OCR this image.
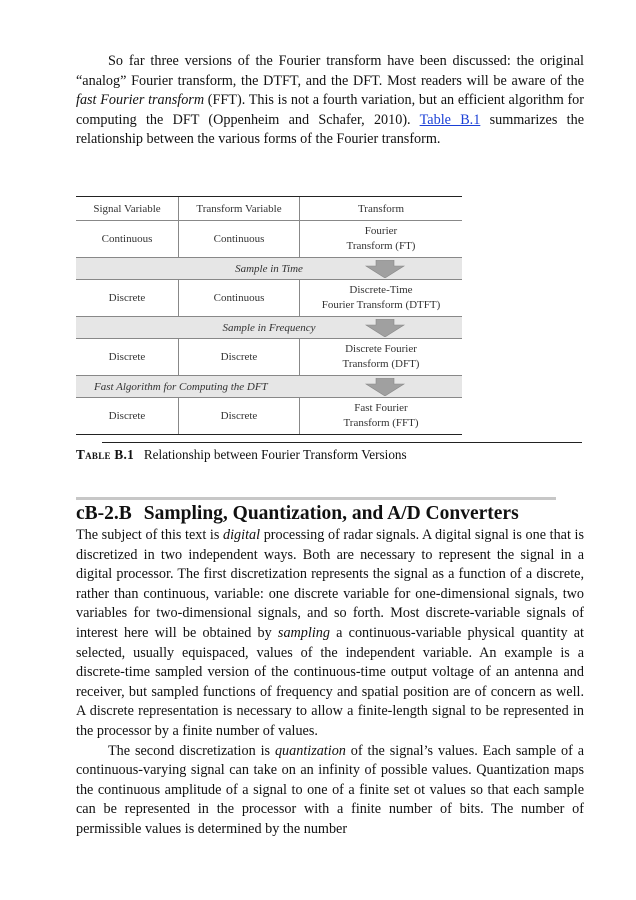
So far three versions of the Fourier transform have been discussed: the original “analog” Fourier transform, the DTFT, and the DFT. Most readers will be aware of the fast Fourier transform (FFT). This is not a fourth variation, but an efficient algorithm for computing the DFT (Oppenheim and Schafer, 2010). Table B.1 summarizes the relationship between the various forms of the Fourier transform.

Signal Variable	Transform Variable	Transform
Continuous	Continuous	Fourier
Transform (FT)
Sample in Time		

Discrete	Continuous	Discrete-Time
Fourier Transform (DTFT)
Sample in Frequency		

Discrete	Discrete	Discrete Fourier
Transform (DFT)
Fast Algorithm for Computing the DFT		

Discrete	Discrete	Fast Fourier
Transform (FFT)
Table B.1 Relationship between Fourier Transform Versions
cB-2.B Sampling, Quantization, and A/D Converters

The subject of this text is digital processing of radar signals. A digital signal is one that is discretized in two independent ways. Both are necessary to represent the signal in a digital processor. The first discretization represents the signal as a function of a discrete, rather than continuous, variable: one discrete variable for one-dimensional signals, two variables for two-dimensional signals, and so forth. Most discrete-variable signals of interest here will be obtained by sampling a continuous-variable physical quantity at selected, usually equispaced, values of the independent variable. An example is a discrete-time sampled version of the continuous-time output voltage of an antenna and receiver, but sampled functions of frequency and spatial position are of concern as well. A discrete representation is necessary to allow a finite-length signal to be represented in the processor by a finite number of values.

The second discretization is quantization of the signal’s values. Each sample of a continuous-varying signal can take on an infinity of possible values. Quantization maps the continuous amplitude of a signal to one of a finite set ot values so that each sample can be represented in the processor with a finite number of bits. The number of permissible values is determined by the number
